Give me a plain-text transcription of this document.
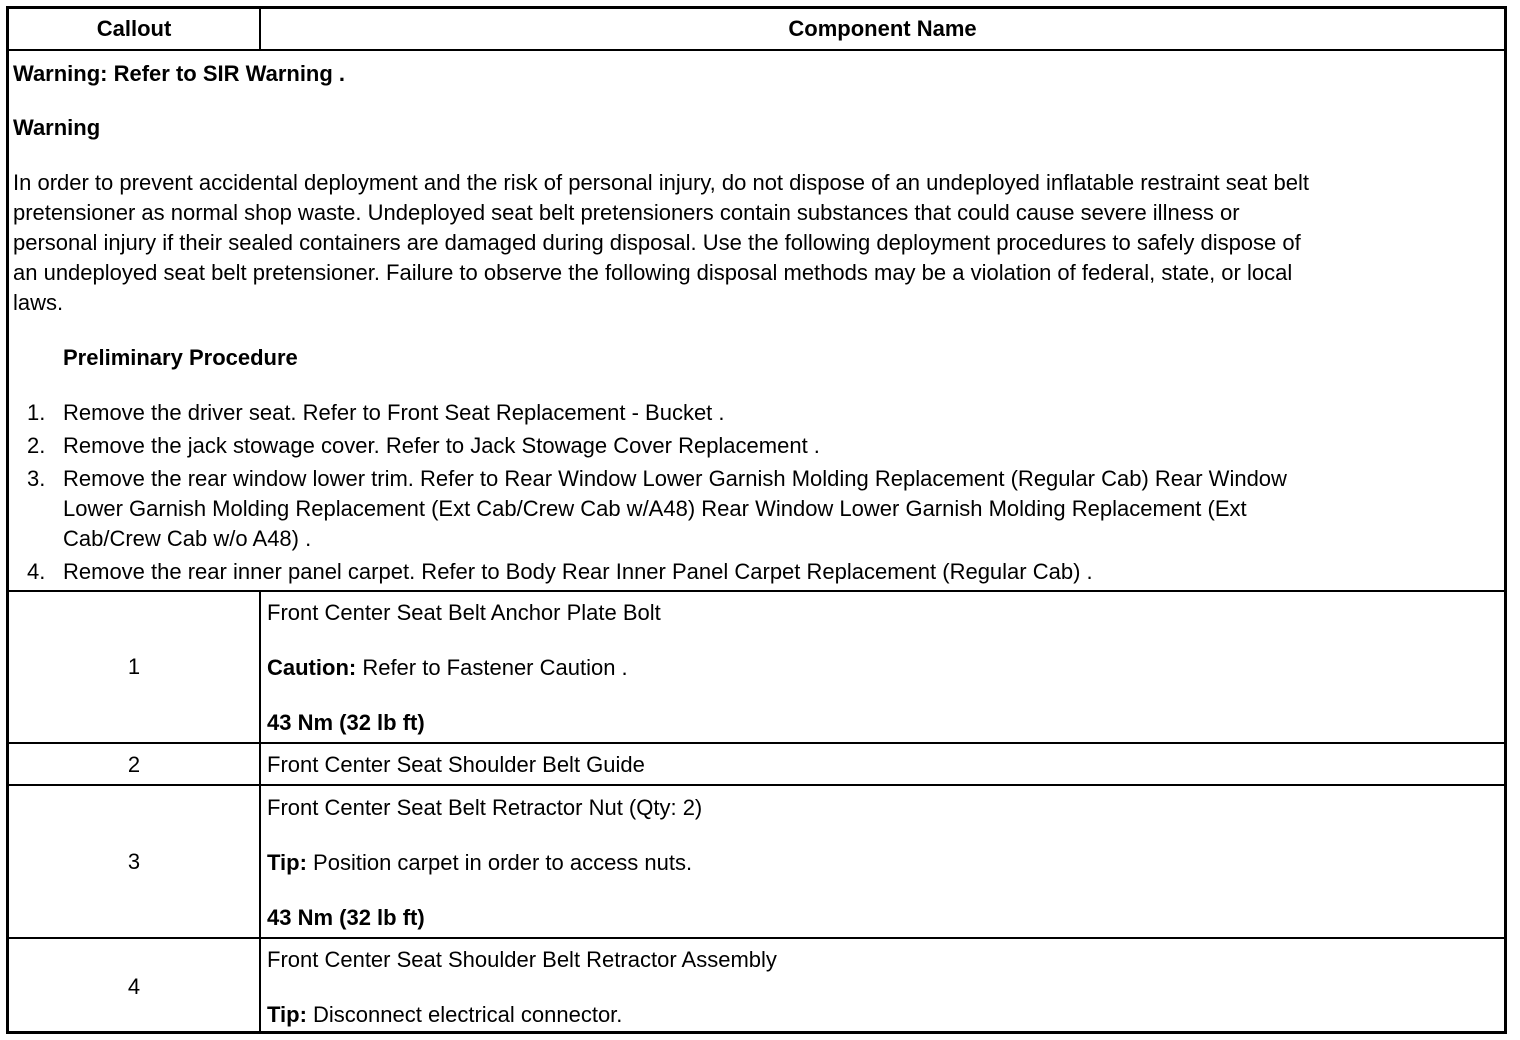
Callout	Component Name
Warning: Refer to SIR Warning .
Warning

In order to prevent accidental deployment and the risk of personal injury, do not dispose of an undeployed inflatable restraint seat belt

pretensioner as normal shop waste. Undeployed seat belt pretensioners contain substances that could cause severe illness or

personal injury if their sealed containers are damaged during disposal. Use the following deployment procedures to safely dispose of

an undeployed seat belt pretensioner. Failure to observe the following disposal methods may be a violation of federal, state, or local

laws.

Preliminary Procedure
1. Remove the driver seat. Refer to Front Seat Replacement - Bucket .
2. Remove the jack stowage cover. Refer to Jack Stowage Cover Replacement .
3. Remove the rear window lower trim. Refer to Rear Window Lower Garnish Molding Replacement (Regular Cab) Rear Window
Lower Garnish Molding Replacement (Ext Cab/Crew Cab w/A48) Rear Window Lower Garnish Molding Replacement (Ext
Cab/Crew Cab w/o A48) .
4. Remove the rear inner panel carpet. Refer to Body Rear Inner Panel Carpet Replacement (Regular Cab) .
1
Front Center Seat Belt Anchor Plate Bolt
Caution: Refer to Fastener Caution .
43 Nm (32 lb ft)
2	Front Center Seat Shoulder Belt Guide
3
Front Center Seat Belt Retractor Nut (Qty: 2)
Tip: Position carpet in order to access nuts.
43 Nm (32 lb ft)
4
Front Center Seat Shoulder Belt Retractor Assembly
Tip: Disconnect electrical connector.
